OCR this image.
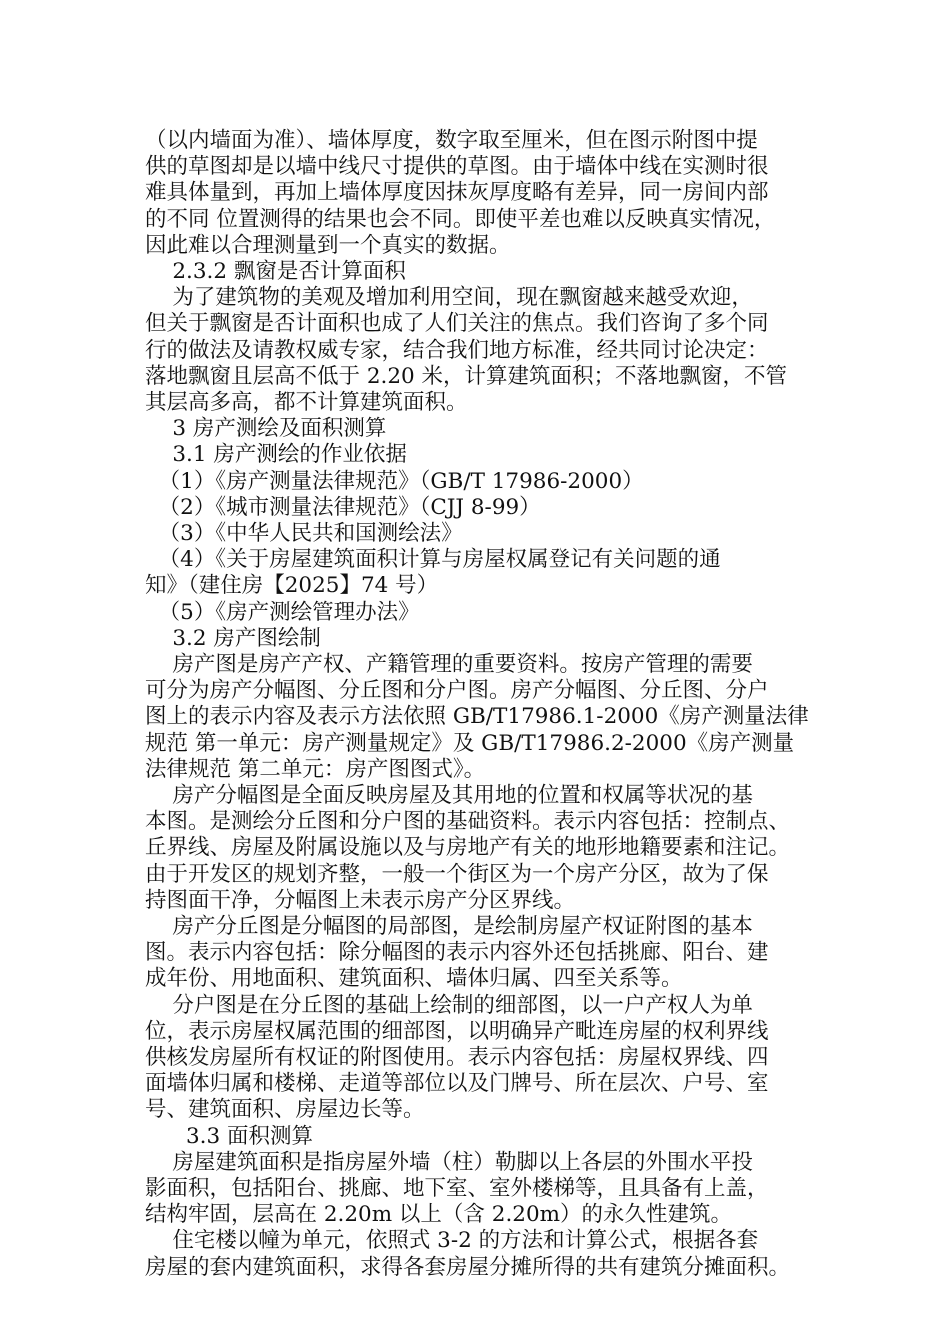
（以内墙面为准）、墙体厚度，数字取至厘米，但在图示附图中提
供的草图却是以墙中线尺寸提供的草图。由于墙体中线在实测时很
难具体量到，再加上墙体厚度因抹灰厚度略有差异，同一房间内部
的不同 位置测得的结果也会不同。即使平差也难以反映真实情况，
因此难以合理测量到一个真实的数据。
2.3.2 飘窗是否计算面积
为了建筑物的美观及增加利用空间，现在飘窗越来越受欢迎，
但关于飘窗是否计面积也成了人们关注的焦点。我们咨询了多个同
行的做法及请教权威专家，结合我们地方标准，经共同讨论决定：
落地飘窗且层高不低于 2.20 米，计算建筑面积；不落地飘窗，不管
其层高多高，都不计算建筑面积。
3 房产测绘及面积测算
3.1 房产测绘的作业依据
（1）《房产测量法律规范》（GB/T 17986-2000）
（2）《城市测量法律规范》（CJJ 8-99）
（3）《中华人民共和国测绘法》
（4）《关于房屋建筑面积计算与房屋权属登记有关问题的通
知》（建住房【2025】74 号）
（5）《房产测绘管理办法》
3.2 房产图绘制
房产图是房产产权、产籍管理的重要资料。按房产管理的需要
可分为房产分幅图、分丘图和分户图。房产分幅图、分丘图、分户
图上的表示内容及表示方法依照 GB/T17986.1-2000《房产测量法律
规范 第一单元：房产测量规定》及 GB/T17986.2-2000《房产测量
法律规范 第二单元：房产图图式》。
房产分幅图是全面反映房屋及其用地的位置和权属等状况的基
本图。是测绘分丘图和分户图的基础资料。表示内容包括：控制点、
丘界线、房屋及附属设施以及与房地产有关的地形地籍要素和注记。
由于开发区的规划齐整，一般一个街区为一个房产分区，故为了保
持图面干净，分幅图上未表示房产分区界线。
房产分丘图是分幅图的局部图，是绘制房屋产权证附图的基本
图。表示内容包括：除分幅图的表示内容外还包括挑廊、阳台、建
成年份、用地面积、建筑面积、墙体归属、四至关系等。
分户图是在分丘图的基础上绘制的细部图，以一户产权人为单
位，表示房屋权属范围的细部图，以明确异产毗连房屋的权利界线
供核发房屋所有权证的附图使用。表示内容包括：房屋权界线、四
面墙体归属和楼梯、走道等部位以及门牌号、所在层次、户号、室
号、建筑面积、房屋边长等。
3.3 面积测算
房屋建筑面积是指房屋外墙（柱）勒脚以上各层的外围水平投
影面积，包括阳台、挑廊、地下室、室外楼梯等，且具备有上盖，
结构牢固，层高在 2.20m 以上（含 2.20m）的永久性建筑。
住宅楼以幢为单元，依照式 3-2 的方法和计算公式，根据各套
房屋的套内建筑面积，求得各套房屋分摊所得的共有建筑分摊面积。
